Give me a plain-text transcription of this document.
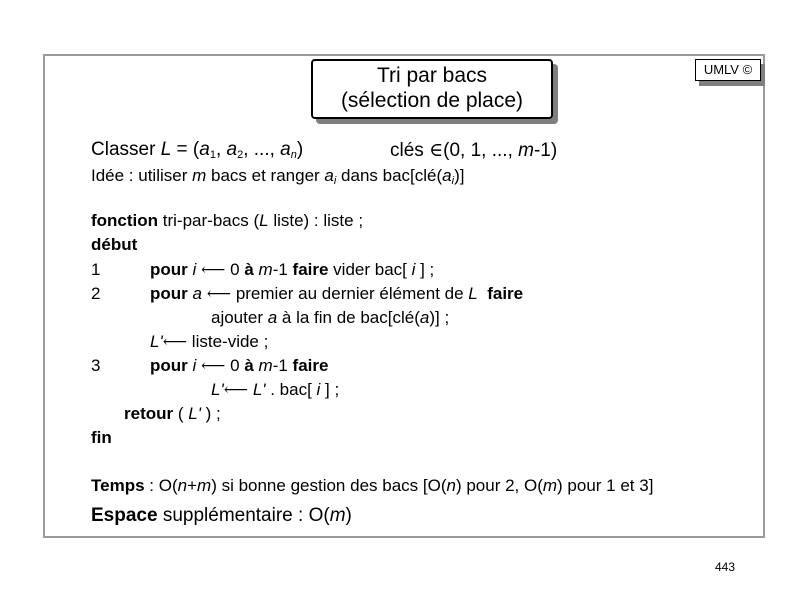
Tri par bacs
(sélection de place)
UMLV ©
Classer $L = (a_1$, $a_2$, ..., $a_n$)	clés ∈(0, 1, ..., m-1)
Idée : utiliser m bacs et ranger $a_i$ dans $bac[clé(a_i)]$
fonction tri-par-bacs (L liste) : liste ;
début
1	pour i ⟵ 0 à m-1 faire vider bac[ i ] ;
2	pour a ⟵ premier au dernier élément de L faire
ajouter a à la fin de bac[clé(a)] ;
L'⟵ liste-vide ;
3	pour i ⟵ 0 à m-1 faire
L'⟵ L' . bac[ i ] ;
retour ( L' ) ;
fin
Temps : O(n+m) si bonne gestion des bacs [O(n) pour 2, O(m) pour 1 et 3]
Espace supplémentaire : O(m)
443
